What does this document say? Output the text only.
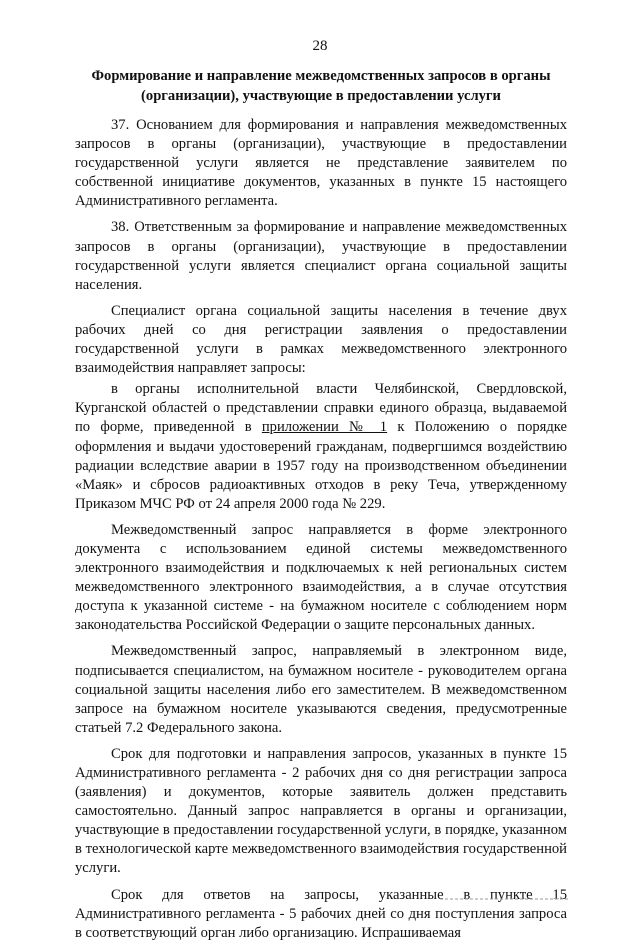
28
Формирование и направление межведомственных запросов в органы (организации), участвующие в предоставлении услуги

37. Основанием для формирования и направления межведомственных запросов в органы (организации), участвующие в предоставлении государственной услуги является не представление заявителем по собственной инициативе документов, указанных в пункте 15 настоящего Административного регламента.

38. Ответственным за формирование и направление межведомственных запросов в органы (организации), участвующие в предоставлении государственной услуги является специалист органа социальной защиты населения.

Специалист органа социальной защиты населения в течение двух рабочих дней со дня регистрации заявления о предоставлении государственной услуги в рамках межведомственного электронного взаимодействия направляет запросы:

в органы исполнительной власти Челябинской, Свердловской, Курганской областей о представлении справки единого образца, выдаваемой по форме, приведенной в приложении № 1 к Положению о порядке оформления и выдачи удостоверений гражданам, подвергшимся воздействию радиации вследствие аварии в 1957 году на производственном объединении «Маяк» и сбросов радиоактивных отходов в реку Теча, утвержденному Приказом МЧС РФ от 24 апреля 2000 года № 229.

Межведомственный запрос направляется в форме электронного документа с использованием единой системы межведомственного электронного взаимодействия и подключаемых к ней региональных систем межведомственного электронного взаимодействия, а в случае отсутствия доступа к указанной системе - на бумажном носителе с соблюдением норм законодательства Российской Федерации о защите персональных данных.

Межведомственный запрос, направляемый в электронном виде, подписывается специалистом, на бумажном носителе - руководителем органа социальной защиты населения либо его заместителем. В межведомственном запросе на бумажном носителе указываются сведения, предусмотренные статьей 7.2 Федерального закона.

Срок для подготовки и направления запросов, указанных в пункте 15 Административного регламента - 2 рабочих дня со дня регистрации запроса (заявления) и документов, которые заявитель должен представить самостоятельно. Данный запрос направляется в органы и организации, участвующие в предоставлении государственной услуги, в порядке, указанном в технологической карте межведомственного взаимодействия государственной услуги.

Срок для ответов на запросы, указанные в пункте 15 Административного регламента - 5 рабочих дней со дня поступления запроса в соответствующий орган либо организацию. Испрашиваемая
